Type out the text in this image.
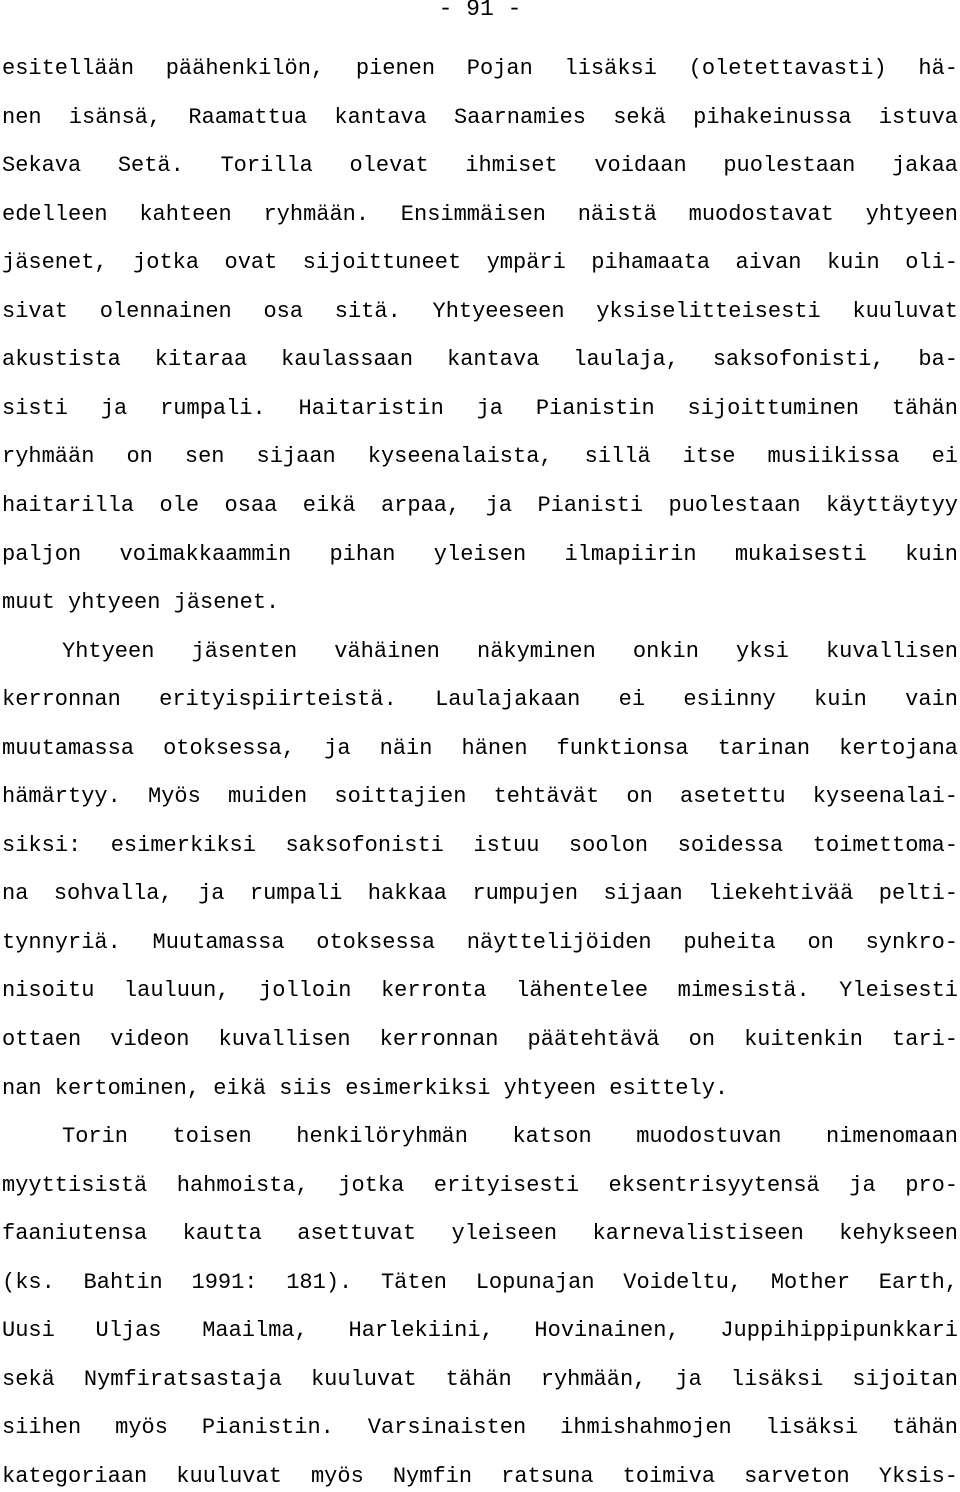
- 91 -
esitellään päähenkilön, pienen Pojan lisäksi (oletettavasti) hä-
nen isänsä, Raamattua kantava Saarnamies sekä pihakeinussa istuva
Sekava Setä. Torilla olevat ihmiset voidaan puolestaan jakaa
edelleen kahteen ryhmään. Ensimmäisen näistä muodostavat yhtyeen
jäsenet, jotka ovat sijoittuneet ympäri pihamaata aivan kuin oli-
sivat olennainen osa sitä. Yhtyeeseen yksiselitteisesti kuuluvat
akustista kitaraa kaulassaan kantava laulaja, saksofonisti, ba-
sisti ja rumpali. Haitaristin ja Pianistin sijoittuminen tähän
ryhmään on sen sijaan kyseenalaista, sillä itse musiikissa ei
haitarilla ole osaa eikä arpaa, ja Pianisti puolestaan käyttäytyy
paljon voimakkaammin pihan yleisen ilmapiirin mukaisesti kuin
muut yhtyeen jäsenet.
Yhtyeen jäsenten vähäinen näkyminen onkin yksi kuvallisen
kerronnan erityispiirteistä. Laulajakaan ei esiinny kuin vain
muutamassa otoksessa, ja näin hänen funktionsa tarinan kertojana
hämärtyy. Myös muiden soittajien tehtävät on asetettu kyseenalai-
siksi: esimerkiksi saksofonisti istuu soolon soidessa toimettoma-
na sohvalla, ja rumpali hakkaa rumpujen sijaan liekehtivää pelti-
tynnyriä. Muutamassa otoksessa näyttelijöiden puheita on synkro-
nisoitu lauluun, jolloin kerronta lähentelee mimesistä. Yleisesti
ottaen videon kuvallisen kerronnan päätehtävä on kuitenkin tari-
nan kertominen, eikä siis esimerkiksi yhtyeen esittely.
Torin toisen henkilöryhmän katson muodostuvan nimenomaan
myyttisistä hahmoista, jotka erityisesti eksentrisyytensä ja pro-
faaniutensa kautta asettuvat yleiseen karnevalistiseen kehykseen
(ks. Bahtin 1991: 181). Täten Lopunajan Voideltu, Mother Earth,
Uusi Uljas Maailma, Harlekiini, Hovinainen, Juppihippipunkkari
sekä Nymfiratsastaja kuuluvat tähän ryhmään, ja lisäksi sijoitan
siihen myös Pianistin. Varsinaisten ihmishahmojen lisäksi tähän
kategoriaan kuuluvat myös Nymfin ratsuna toimiva sarveton Yksis-
